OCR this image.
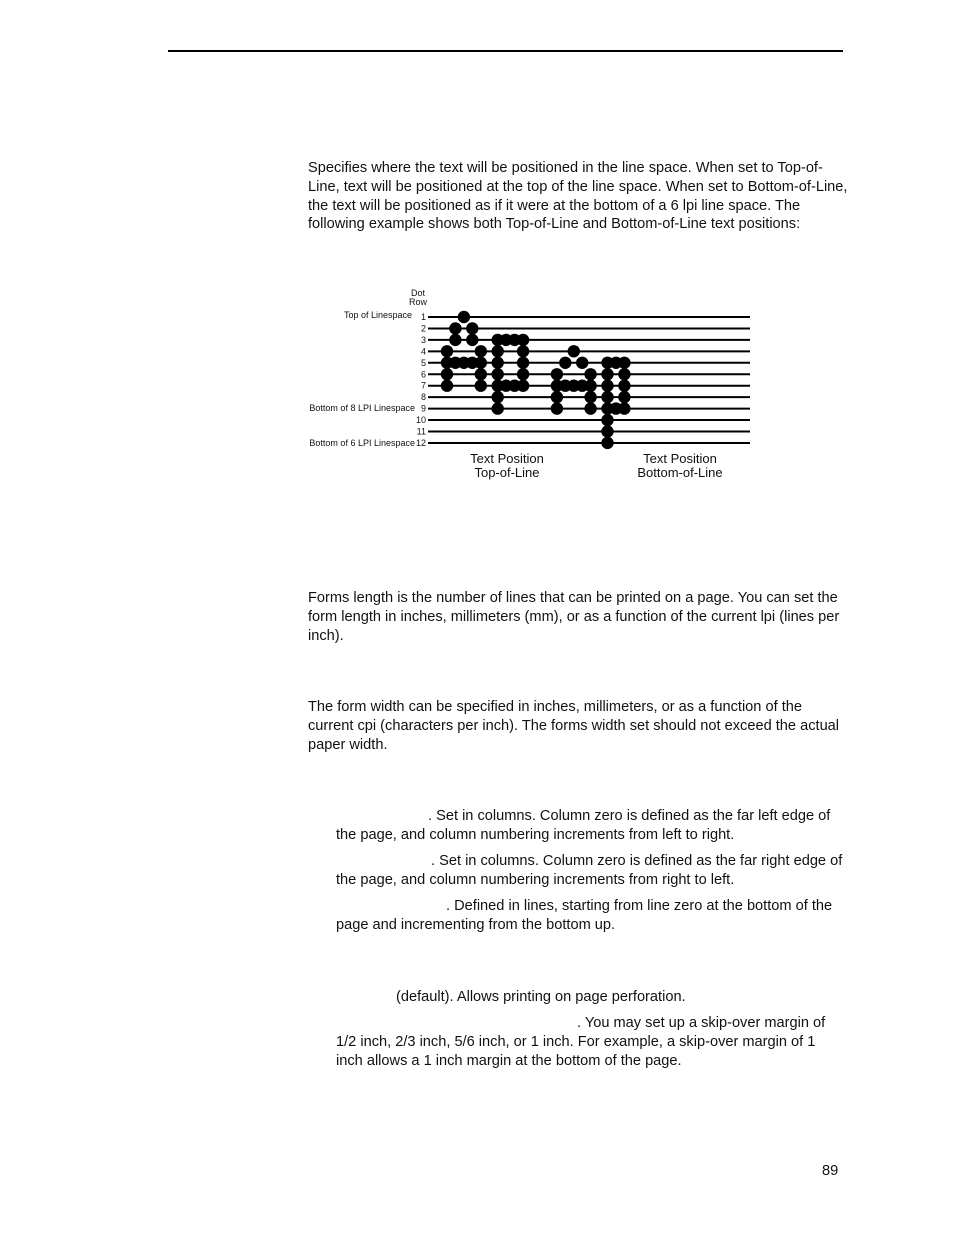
Specifies where the text will be positioned in the line space. When set to Top-of-Line, text will be positioned at the top of the line space. When set to Bottom-of-Line, the text will be positioned as if it were at the bottom of a 6 lpi line space. The following example shows both Top-of-Line and Bottom-of-Line text positions:

Dot
Row
Top of Linespace
Bottom of 8 LPI Linespace
Bottom of 6 LPI Linespace
1
2
3
4
5
6
7
8
9
10
11
12
Text Position
Top-of-Line
Text Position
Bottom-of-Line

Forms length is the number of lines that can be printed on a page. You can set the form length in inches, millimeters (mm), or as a function of the current lpi (lines per inch).

The form width can be specified in inches, millimeters, or as a function of the current cpi (characters per inch). The forms width set should not exceed the actual paper width.

. Set in columns. Column zero is defined as the far left edge of the page, and column numbering increments from left to right.

. Set in columns. Column zero is defined as the far right edge of the page, and column numbering increments from right to left.

. Defined in lines, starting from line zero at the bottom of the page and incrementing from the bottom up.

(default). Allows printing on page perforation.

. You may set up a skip-over margin of 1/2 inch, 2/3 inch, 5/6 inch, or 1 inch. For example, a skip-over margin of 1 inch allows a 1 inch margin at the bottom of the page.

89
